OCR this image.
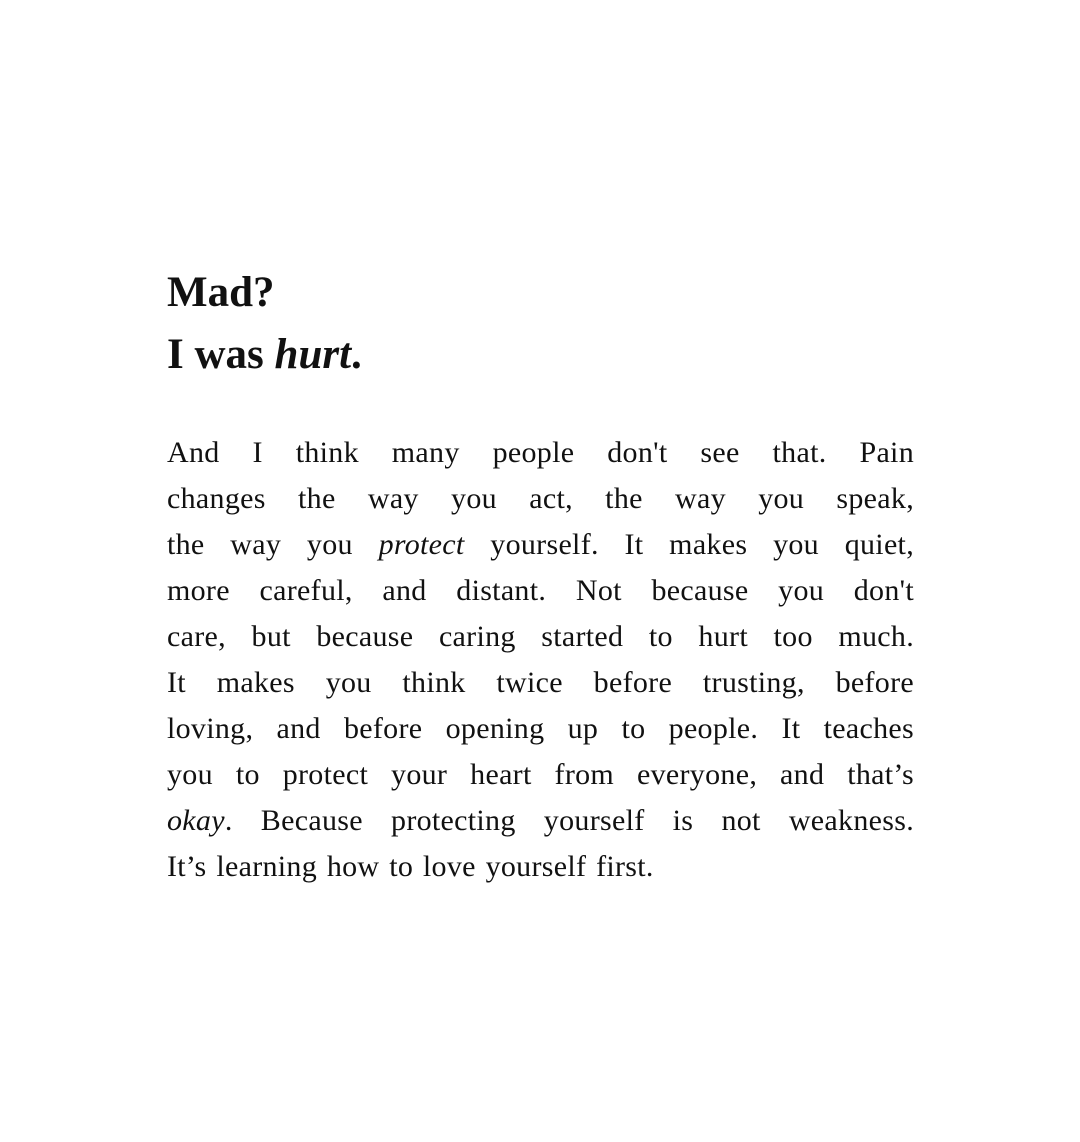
Mad?
I was hurt.

And I think many people don't see that. Pain
changes the way you act, the way you speak,
the way you protect yourself. It makes you quiet,
more careful, and distant. Not because you don't
care, but because caring started to hurt too much.
It makes you think twice before trusting, before
loving, and before opening up to people. It teaches
you to protect your heart from everyone, and that’s
okay. Because protecting yourself is not weakness.
It’s learning how to love yourself first.
